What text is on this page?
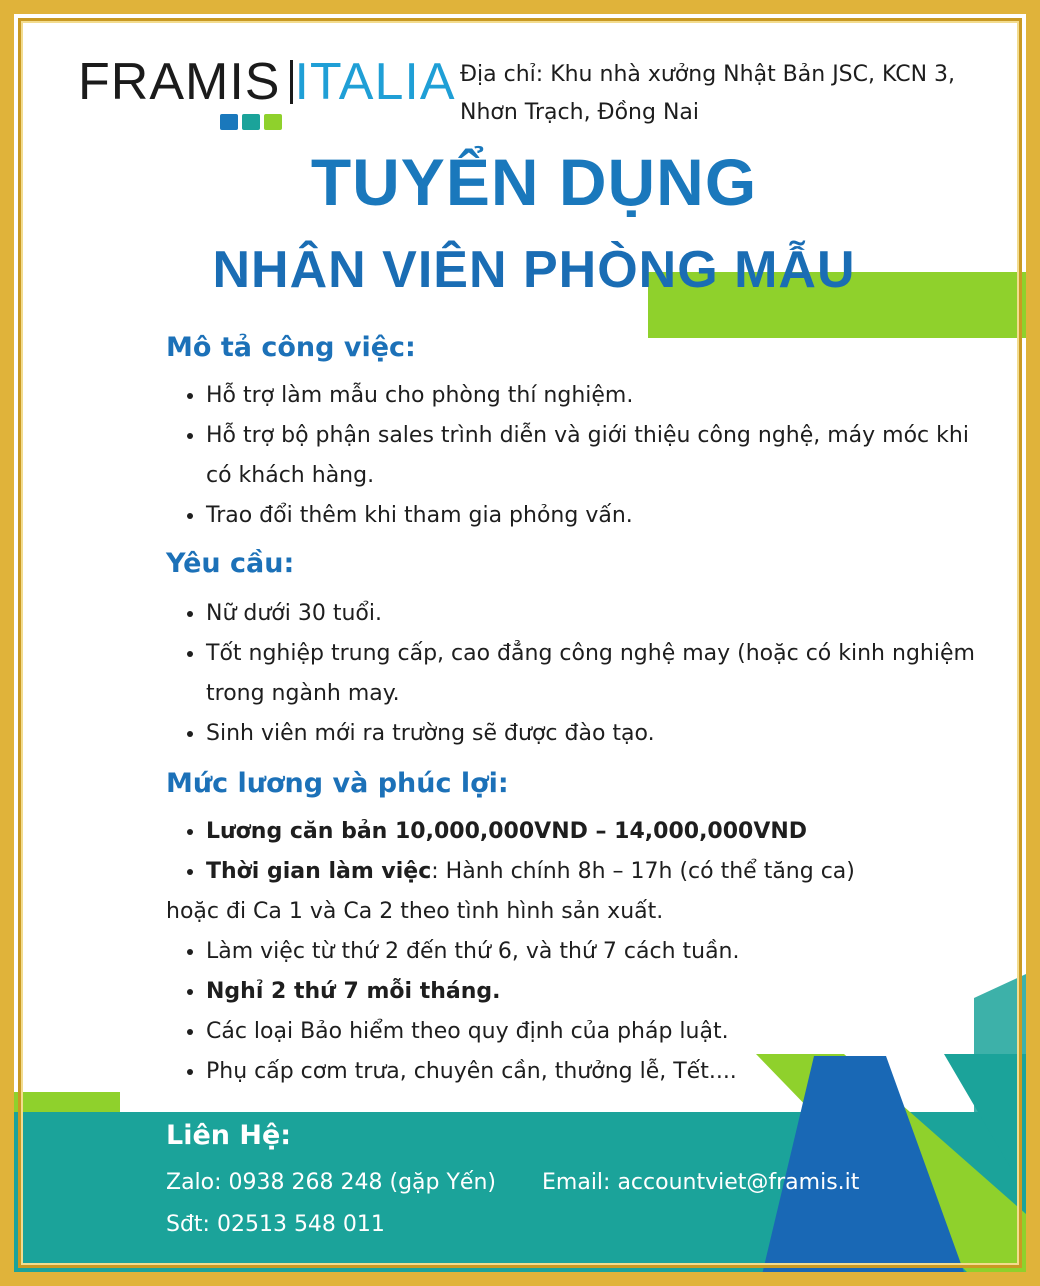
FRAMIS ITALIA Địa chỉ: Khu nhà xưởng Nhật Bản JSC, KCN 3,
Nhơn Trạch, Đồng Nai
TUYỂN DỤNG
NHÂN VIÊN PHÒNG MẪU
Mô tả công việc:
• Hỗ trợ làm mẫu cho phòng thí nghiệm.
• Hỗ trợ bộ phận sales trình diễn và giới thiệu công nghệ, máy móc khi có khách hàng.
• Trao đổi thêm khi tham gia phỏng vấn.
Yêu cầu:
• Nữ dưới 30 tuổi.
• Tốt nghiệp trung cấp, cao đẳng công nghệ may (hoặc có kinh nghiệm trong ngành may.
• Sinh viên mới ra trường sẽ được đào tạo.
Mức lương và phúc lợi:
• Lương căn bản 10,000,000VND – 14,000,000VND
• Thời gian làm việc: Hành chính 8h – 17h (có thể tăng ca)
hoặc đi Ca 1 và Ca 2 theo tình hình sản xuất.
• Làm việc từ thứ 2 đến thứ 6, và thứ 7 cách tuần.
• Nghỉ 2 thứ 7 mỗi tháng.
• Các loại Bảo hiểm theo quy định của pháp luật.
• Phụ cấp cơm trưa, chuyên cần, thưởng lễ, Tết....
Liên Hệ:
Zalo: 0938 268 248 (gặp Yến) Email: accountviet@framis.it
Sđt: 02513 548 011
